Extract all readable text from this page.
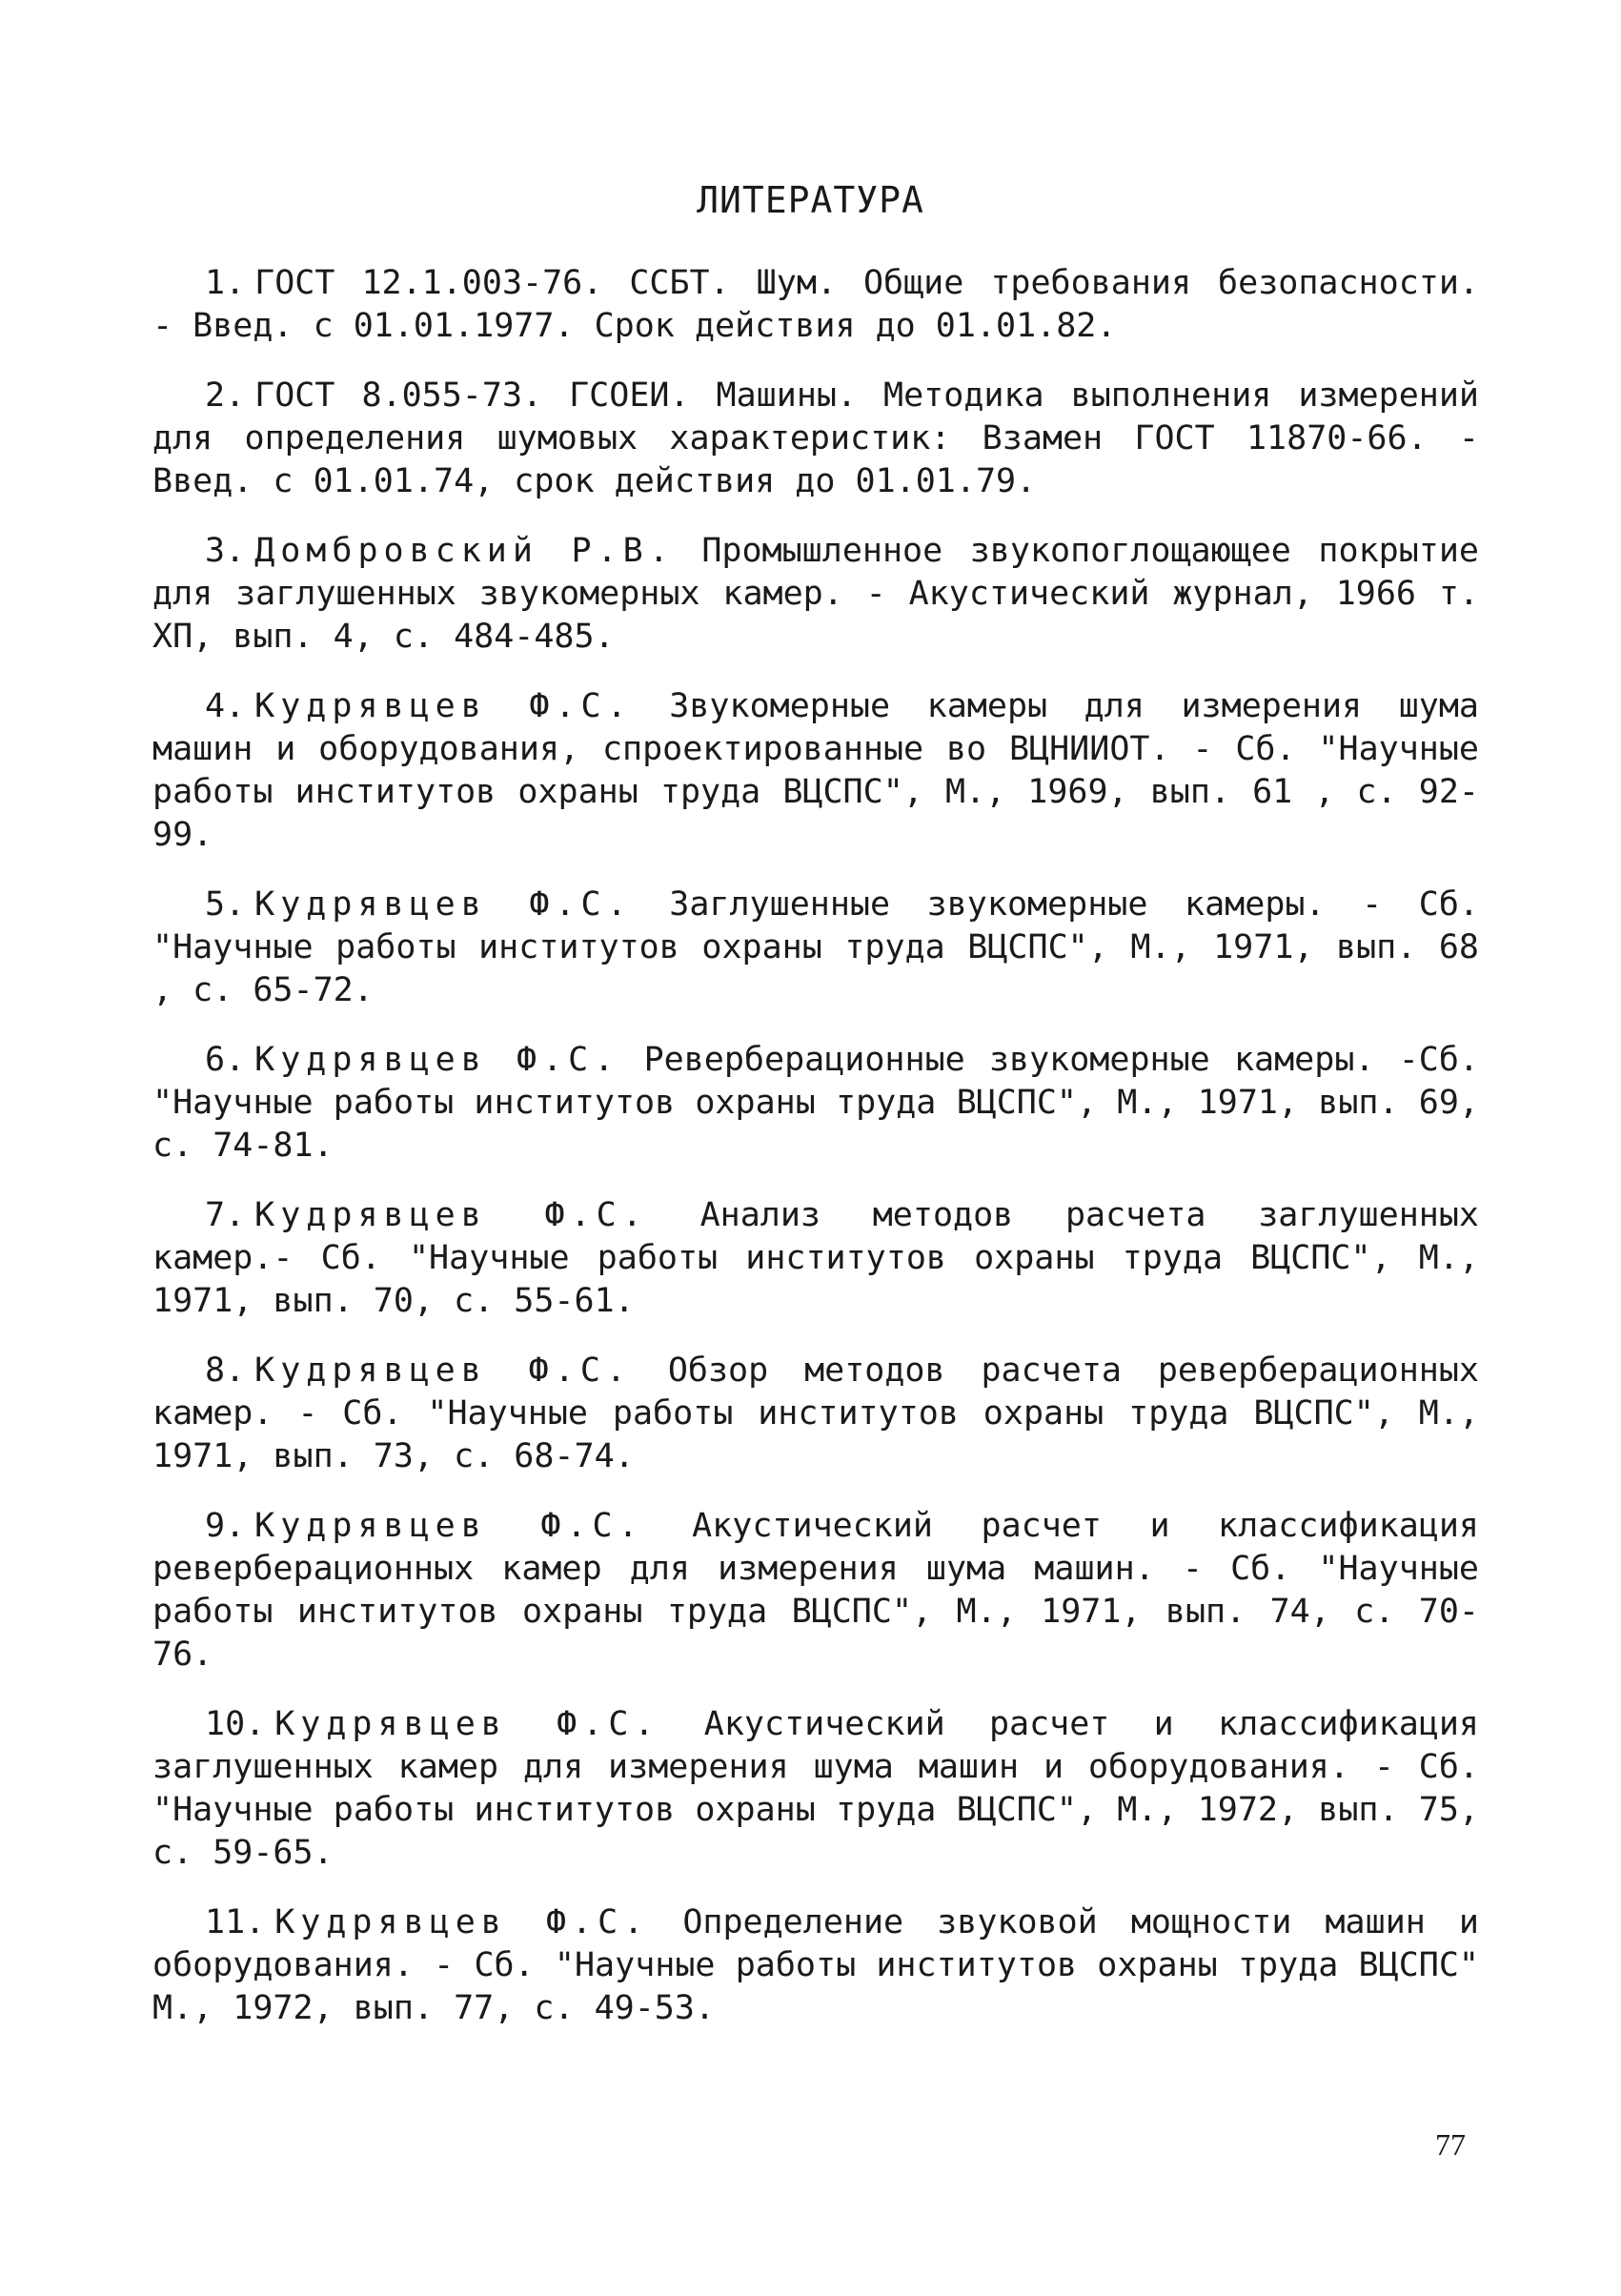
ЛИТЕРАТУРА
1. ГОСТ 12.1.003-76. ССБТ. Шум. Общие требования безопасности. - Введ. с 01.01.1977. Срок действия до 01.01.82.
2. ГОСТ 8.055-73. ГСОЕИ. Машины. Методика выполнения измерений для определения шумовых характеристик: Взамен ГОСТ 11870-66. - Введ. с 01.01.74, срок действия до 01.01.79.
3. Домбровский Р.В. Промышленное звукопоглощающее покрытие для заглушенных звукомерных камер. - Акустический журнал, 1966 т. ХП, вып. 4, с. 484-485.
4. Кудрявцев Ф.С. Звукомерные камеры для измерения шума машин и оборудования, спроектированные во ВЦНИИОТ. - Сб. "Научные работы институтов охраны труда ВЦСПС", М., 1969, вып. 61 , с. 92-99.
5. Кудрявцев Ф.С. Заглушенные звукомерные камеры. - Сб. "Научные работы институтов охраны труда ВЦСПС", М., 1971, вып. 68 , с. 65-72.
6. Кудрявцев Ф.С. Реверберационные звукомерные камеры. -Сб. "Научные работы институтов охраны труда ВЦСПС", М., 1971, вып. 69, с. 74-81.
7. Кудрявцев Ф.С. Анализ методов расчета заглушенных камер.- Сб. "Научные работы институтов охраны труда ВЦСПС", М., 1971, вып. 70, с. 55-61.
8. Кудрявцев Ф.С. Обзор методов расчета реверберационных камер. - Сб. "Научные работы институтов охраны труда ВЦСПС", М., 1971, вып. 73, с. 68-74.
9. Кудрявцев Ф.С. Акустический расчет и классификация реверберационных камер для измерения шума машин. - Сб. "Научные работы институтов охраны труда ВЦСПС", М., 1971, вып. 74, с. 70-76.
10. Кудрявцев Ф.С. Акустический расчет и классификация заглушенных камер для измерения шума машин и оборудования. - Сб. "Научные работы институтов охраны труда ВЦСПС", М., 1972, вып. 75, с. 59-65.
11. Кудрявцев Ф.С. Определение звуковой мощности машин и оборудования. - Сб. "Научные работы институтов охраны труда ВЦСПС" М., 1972, вып. 77, с. 49-53.
77
